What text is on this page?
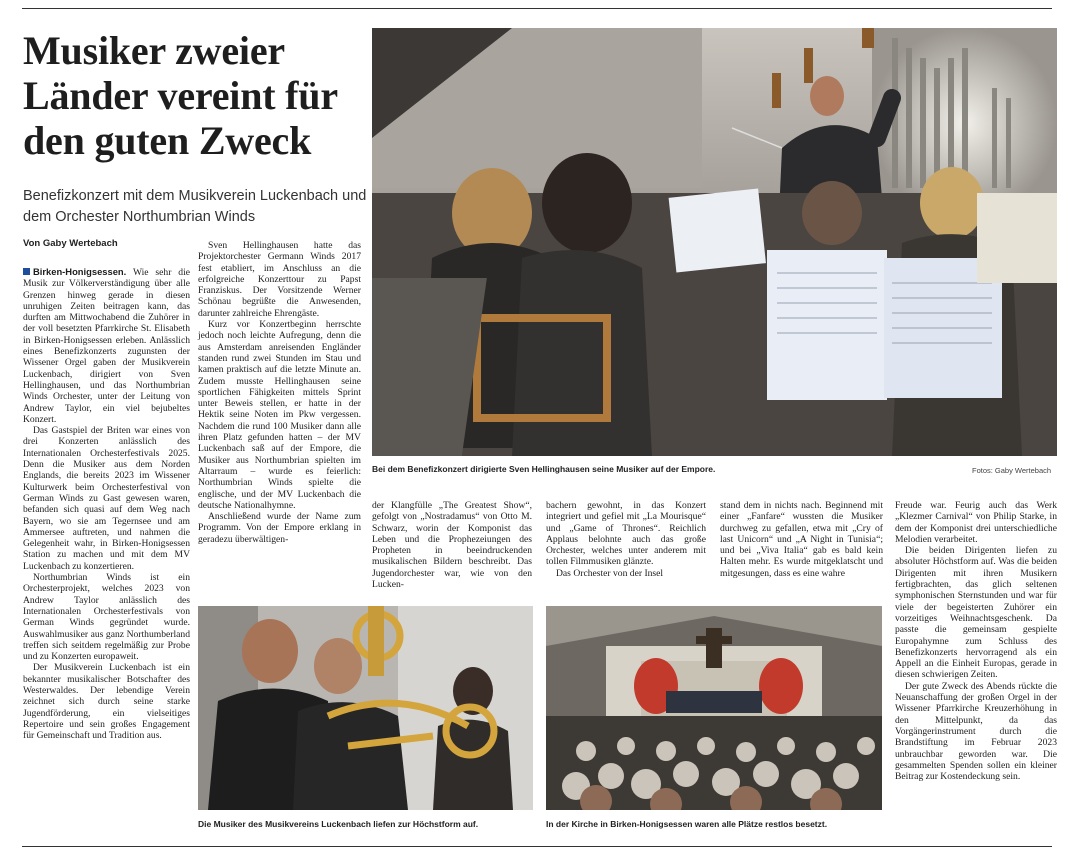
Musiker zweier Länder vereint für den guten Zweck

Benefizkonzert mit dem Musikverein Luckenbach und dem Orchester Northumbrian Winds

Von Gaby Wertebach

Birken-Honigsessen. Wie sehr die Musik zur Völkerverständigung über alle Grenzen hinweg gerade in diesen unruhigen Zeiten beitragen kann, das durften am Mittwochabend die Zuhörer in der voll besetzten Pfarrkirche St. Elisabeth in Birken-Honigsessen erleben. Anlässlich eines Benefizkonzerts zugunsten der Wissener Orgel gaben der Musikverein Luckenbach, dirigiert von Sven Hellinghausen, und das Northumbrian Winds Orchester, unter der Leitung von Andrew Taylor, ein viel bejubeltes Konzert.

Das Gastspiel der Briten war eines von drei Konzerten anlässlich des Internationalen Orchesterfestivals 2025. Denn die Musiker aus dem Norden Englands, die bereits 2023 im Wissener Kulturwerk beim Orchesterfestival von German Winds zu Gast gewesen waren, befanden sich quasi auf dem Weg nach Bayern, wo sie am Tegernsee und am Ammersee auftreten, und nahmen die Gelegenheit wahr, in Birken-Honigsessen Station zu machen und mit dem MV Luckenbach zu konzertieren.

Northumbrian Winds ist ein Orchesterprojekt, welches 2023 von Andrew Taylor anlässlich des Internationalen Orchesterfestivals von German Winds gegründet wurde. Auswahlmusiker aus ganz Northumberland treffen sich seitdem regelmäßig zur Probe und zu Konzerten europaweit.

Der Musikverein Luckenbach ist ein bekannter musikalischer Botschafter des Westerwaldes. Der lebendige Verein zeichnet sich durch seine starke Jugendförderung, ein vielseitiges Repertoire und sein großes Engagement für Gemeinschaft und Tradition aus.

Sven Hellinghausen hatte das Projektorchester Germann Winds 2017 fest etabliert, im Anschluss an die erfolgreiche Konzerttour zu Papst Franziskus. Der Vorsitzende Werner Schönau begrüßte die Anwesenden, darunter zahlreiche Ehrengäste.

Kurz vor Konzertbeginn herrschte jedoch noch leichte Aufregung, denn die aus Amsterdam anreisenden Engländer standen rund zwei Stunden im Stau und kamen praktisch auf die letzte Minute an. Zudem musste Hellinghausen seine sportlichen Fähigkeiten mittels Sprint unter Beweis stellen, er hatte in der Hektik seine Noten im Pkw vergessen. Nachdem die rund 100 Musiker dann alle ihren Platz gefunden hatten – der MV Luckenbach saß auf der Empore, die Musiker aus Northumbrian spielten im Altarraum – wurde es feierlich: Northumbrian Winds spielte die englische, und der MV Luckenbach die deutsche Nationalhymne.

Anschließend wurde der Name zum Programm. Von der Empore erklang in geradezu überwältigen-

Bei dem Benefizkonzert dirigierte Sven Hellinghausen seine Musiker auf der Empore.	Fotos: Gaby Wertebach

der Klangfülle „The Greatest Show“, gefolgt von „Nostradamus“ von Otto M. Schwarz, worin der Komponist das Leben und die Prophezeiungen des Propheten in beeindruckenden musikalischen Bildern beschreibt. Das Jugendorchester war, wie von den Lucken-

bachern gewohnt, in das Konzert integriert und gefiel mit „La Mourisque“ und „Game of Thrones“. Reichlich Applaus belohnte auch das große Orchester, welches unter anderem mit tollen Filmmusiken glänzte.

Das Orchester von der Insel

stand dem in nichts nach. Beginnend mit einer „Fanfare“ wussten die Musiker durchweg zu gefallen, etwa mit „Cry of last Unicorn“ und „A Night in Tunisia“; und bei „Viva Italia“ gab es bald kein Halten mehr. Es wurde mitgeklatscht und mitgesungen, dass es eine wahre

Freude war. Feurig auch das Werk „Klezmer Carnival“ von Philip Starke, in dem der Komponist drei unterschiedliche Melodien verarbeitet.

Die beiden Dirigenten liefen zu absoluter Höchstform auf. Was die beiden Dirigenten mit ihren Musikern fertigbrachten, das glich seltenen symphonischen Sternstunden und war für viele der begeisterten Zuhörer ein vorzeitiges Weihnachtsgeschenk. Da passte die gemeinsam gespielte Europahymne zum Schluss des Benefizkonzerts hervorragend als ein Appell an die Einheit Europas, gerade in diesen schwierigen Zeiten.

Der gute Zweck des Abends rückte die Neuanschaffung der großen Orgel in der Wissener Pfarrkirche Kreuzerhöhung in den Mittelpunkt, da das Vorgängerinstrument durch die Brandstiftung im Februar 2023 unbrauchbar geworden war. Die gesammelten Spenden sollen ein kleiner Beitrag zur Kostendeckung sein.

Die Musiker des Musikvereins Luckenbach liefen zur Höchstform auf.	In der Kirche in Birken-Honigsessen waren alle Plätze restlos besetzt.
